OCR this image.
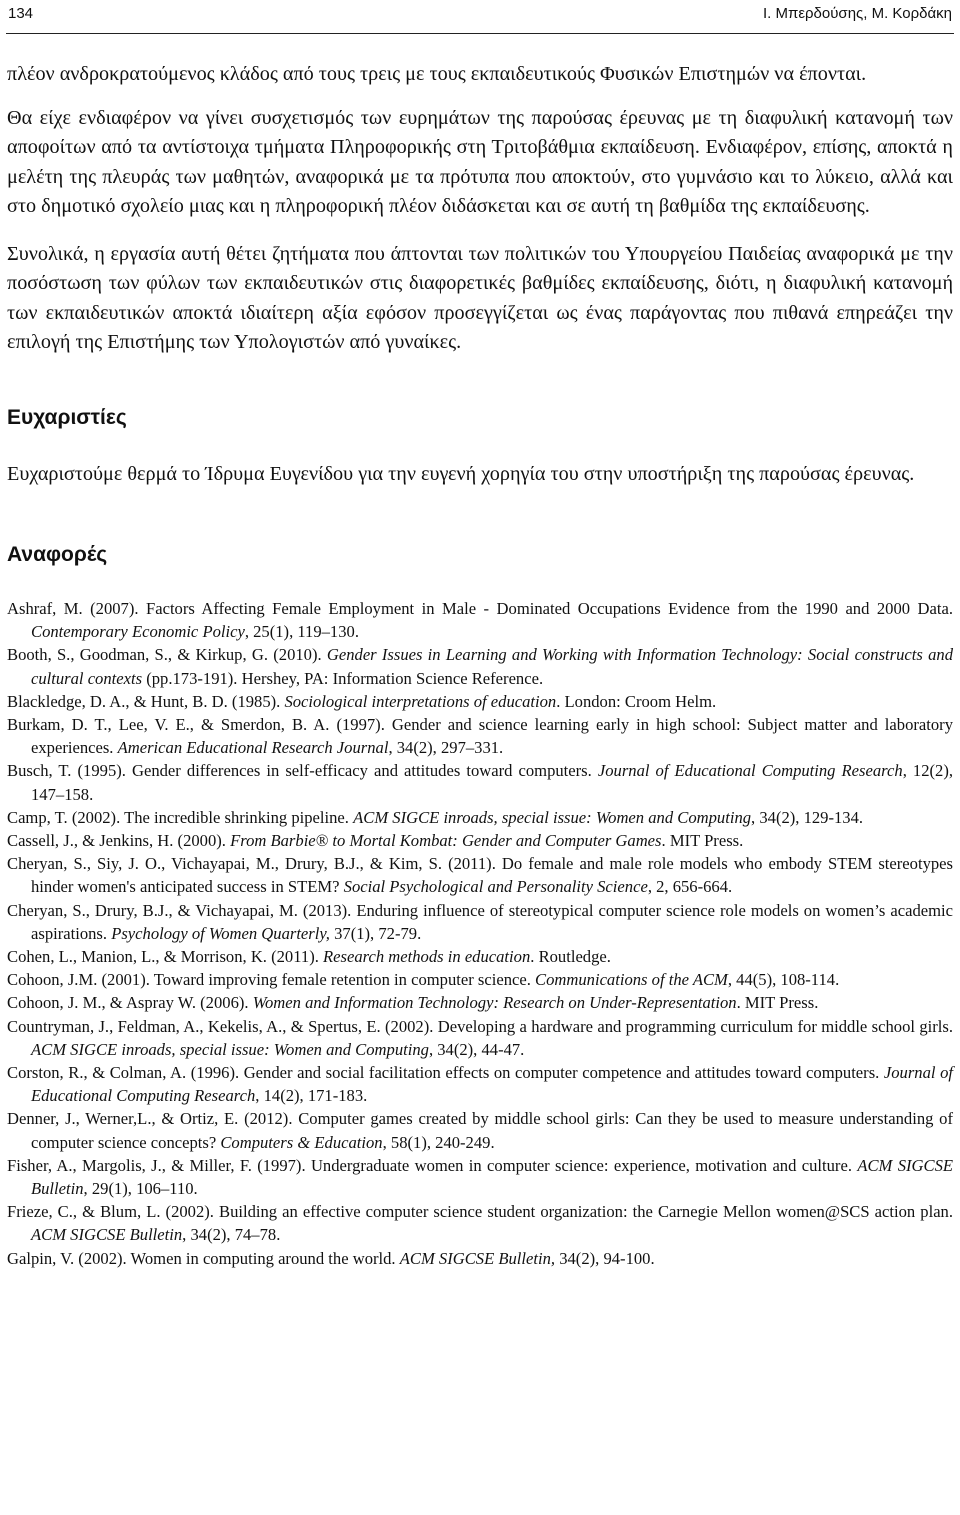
134	Ι. Μπερδούσης, Μ. Κορδάκη

πλέον ανδροκρατούμενος κλάδος από τους τρεις με τους εκπαιδευτικούς Φυσικών Επιστημών να έπονται.

Θα είχε ενδιαφέρον να γίνει συσχετισμός των ευρημάτων της παρούσας έρευνας με τη διαφυλική κατανομή των αποφοίτων από τα αντίστοιχα τμήματα Πληροφορικής στη Τριτοβάθμια εκπαίδευση. Ενδιαφέρον, επίσης, αποκτά η μελέτη της πλευράς των μαθητών, αναφορικά με τα πρότυπα που αποκτούν, στο γυμνάσιο και το λύκειο, αλλά και στο δημοτικό σχολείο μιας και η πληροφορική πλέον διδάσκεται και σε αυτή τη βαθμίδα της εκπαίδευσης.

Συνολικά, η εργασία αυτή θέτει ζητήματα που άπτονται των πολιτικών του Υπουργείου Παιδείας αναφορικά με την ποσόστωση των φύλων των εκπαιδευτικών στις διαφορετικές βαθμίδες εκπαίδευσης, διότι, η διαφυλική κατανομή των εκπαιδευτικών αποκτά ιδιαίτερη αξία εφόσον προσεγγίζεται ως ένας παράγοντας που πιθανά επηρεάζει την επιλογή της Επιστήμης των Υπολογιστών από γυναίκες.

Ευχαριστίες

Ευχαριστούμε θερμά το Ίδρυμα Ευγενίδου για την ευγενή χορηγία του στην υποστήριξη της παρούσας έρευνας.

Αναφορές

Ashraf, M. (2007). Factors Affecting Female Employment in Male - Dominated Occupations Evidence from the 1990 and 2000 Data. Contemporary Economic Policy, 25(1), 119–130.

Booth, S., Goodman, S., & Kirkup, G. (2010). Gender Issues in Learning and Working with Information Technology: Social constructs and cultural contexts (pp.173-191). Hershey, PA: Information Science Reference.

Blackledge, D. A., & Hunt, B. D. (1985). Sociological interpretations of education. London: Croom Helm.

Burkam, D. T., Lee, V. E., & Smerdon, B. A. (1997). Gender and science learning early in high school: Subject matter and laboratory experiences. American Educational Research Journal, 34(2), 297–331.

Busch, T. (1995). Gender differences in self-efficacy and attitudes toward computers. Journal of Educational Computing Research, 12(2), 147–158.

Camp, T. (2002). The incredible shrinking pipeline. ACM SIGCE inroads, special issue: Women and Computing, 34(2), 129-134.

Cassell, J., & Jenkins, H. (2000). From Barbie® to Mortal Kombat: Gender and Computer Games. MIT Press.

Cheryan, S., Siy, J. O., Vichayapai, M., Drury, B.J., & Kim, S. (2011). Do female and male role models who embody STEM stereotypes hinder women's anticipated success in STEM? Social Psychological and Personality Science, 2, 656-664.

Cheryan, S., Drury, B.J., & Vichayapai, M. (2013). Enduring influence of stereotypical computer science role models on women’s academic aspirations. Psychology of Women Quarterly, 37(1), 72-79.

Cohen, L., Manion, L., & Morrison, K. (2011). Research methods in education. Routledge.

Cohoon, J.M. (2001). Toward improving female retention in computer science. Communications of the ACM, 44(5), 108-114.

Cohoon, J. M., & Aspray W. (2006). Women and Information Technology: Research on Under-Representation. MIT Press.

Countryman, J., Feldman, A., Kekelis, A., & Spertus, E. (2002). Developing a hardware and programming curriculum for middle school girls. ACM SIGCE inroads, special issue: Women and Computing, 34(2), 44-47.

Corston, R., & Colman, A. (1996). Gender and social facilitation effects on computer competence and attitudes toward computers. Journal of Educational Computing Research, 14(2), 171-183.

Denner, J., Werner,L., & Ortiz, E. (2012). Computer games created by middle school girls: Can they be used to measure understanding of computer science concepts? Computers & Education, 58(1), 240-249.

Fisher, A., Margolis, J., & Miller, F. (1997). Undergraduate women in computer science: experience, motivation and culture. ACM SIGCSE Bulletin, 29(1), 106–110.

Frieze, C., & Blum, L. (2002). Building an effective computer science student organization: the Carnegie Mellon women@SCS action plan. ACM SIGCSE Bulletin, 34(2), 74–78.

Galpin, V. (2002). Women in computing around the world. ACM SIGCSE Bulletin, 34(2), 94-100.
